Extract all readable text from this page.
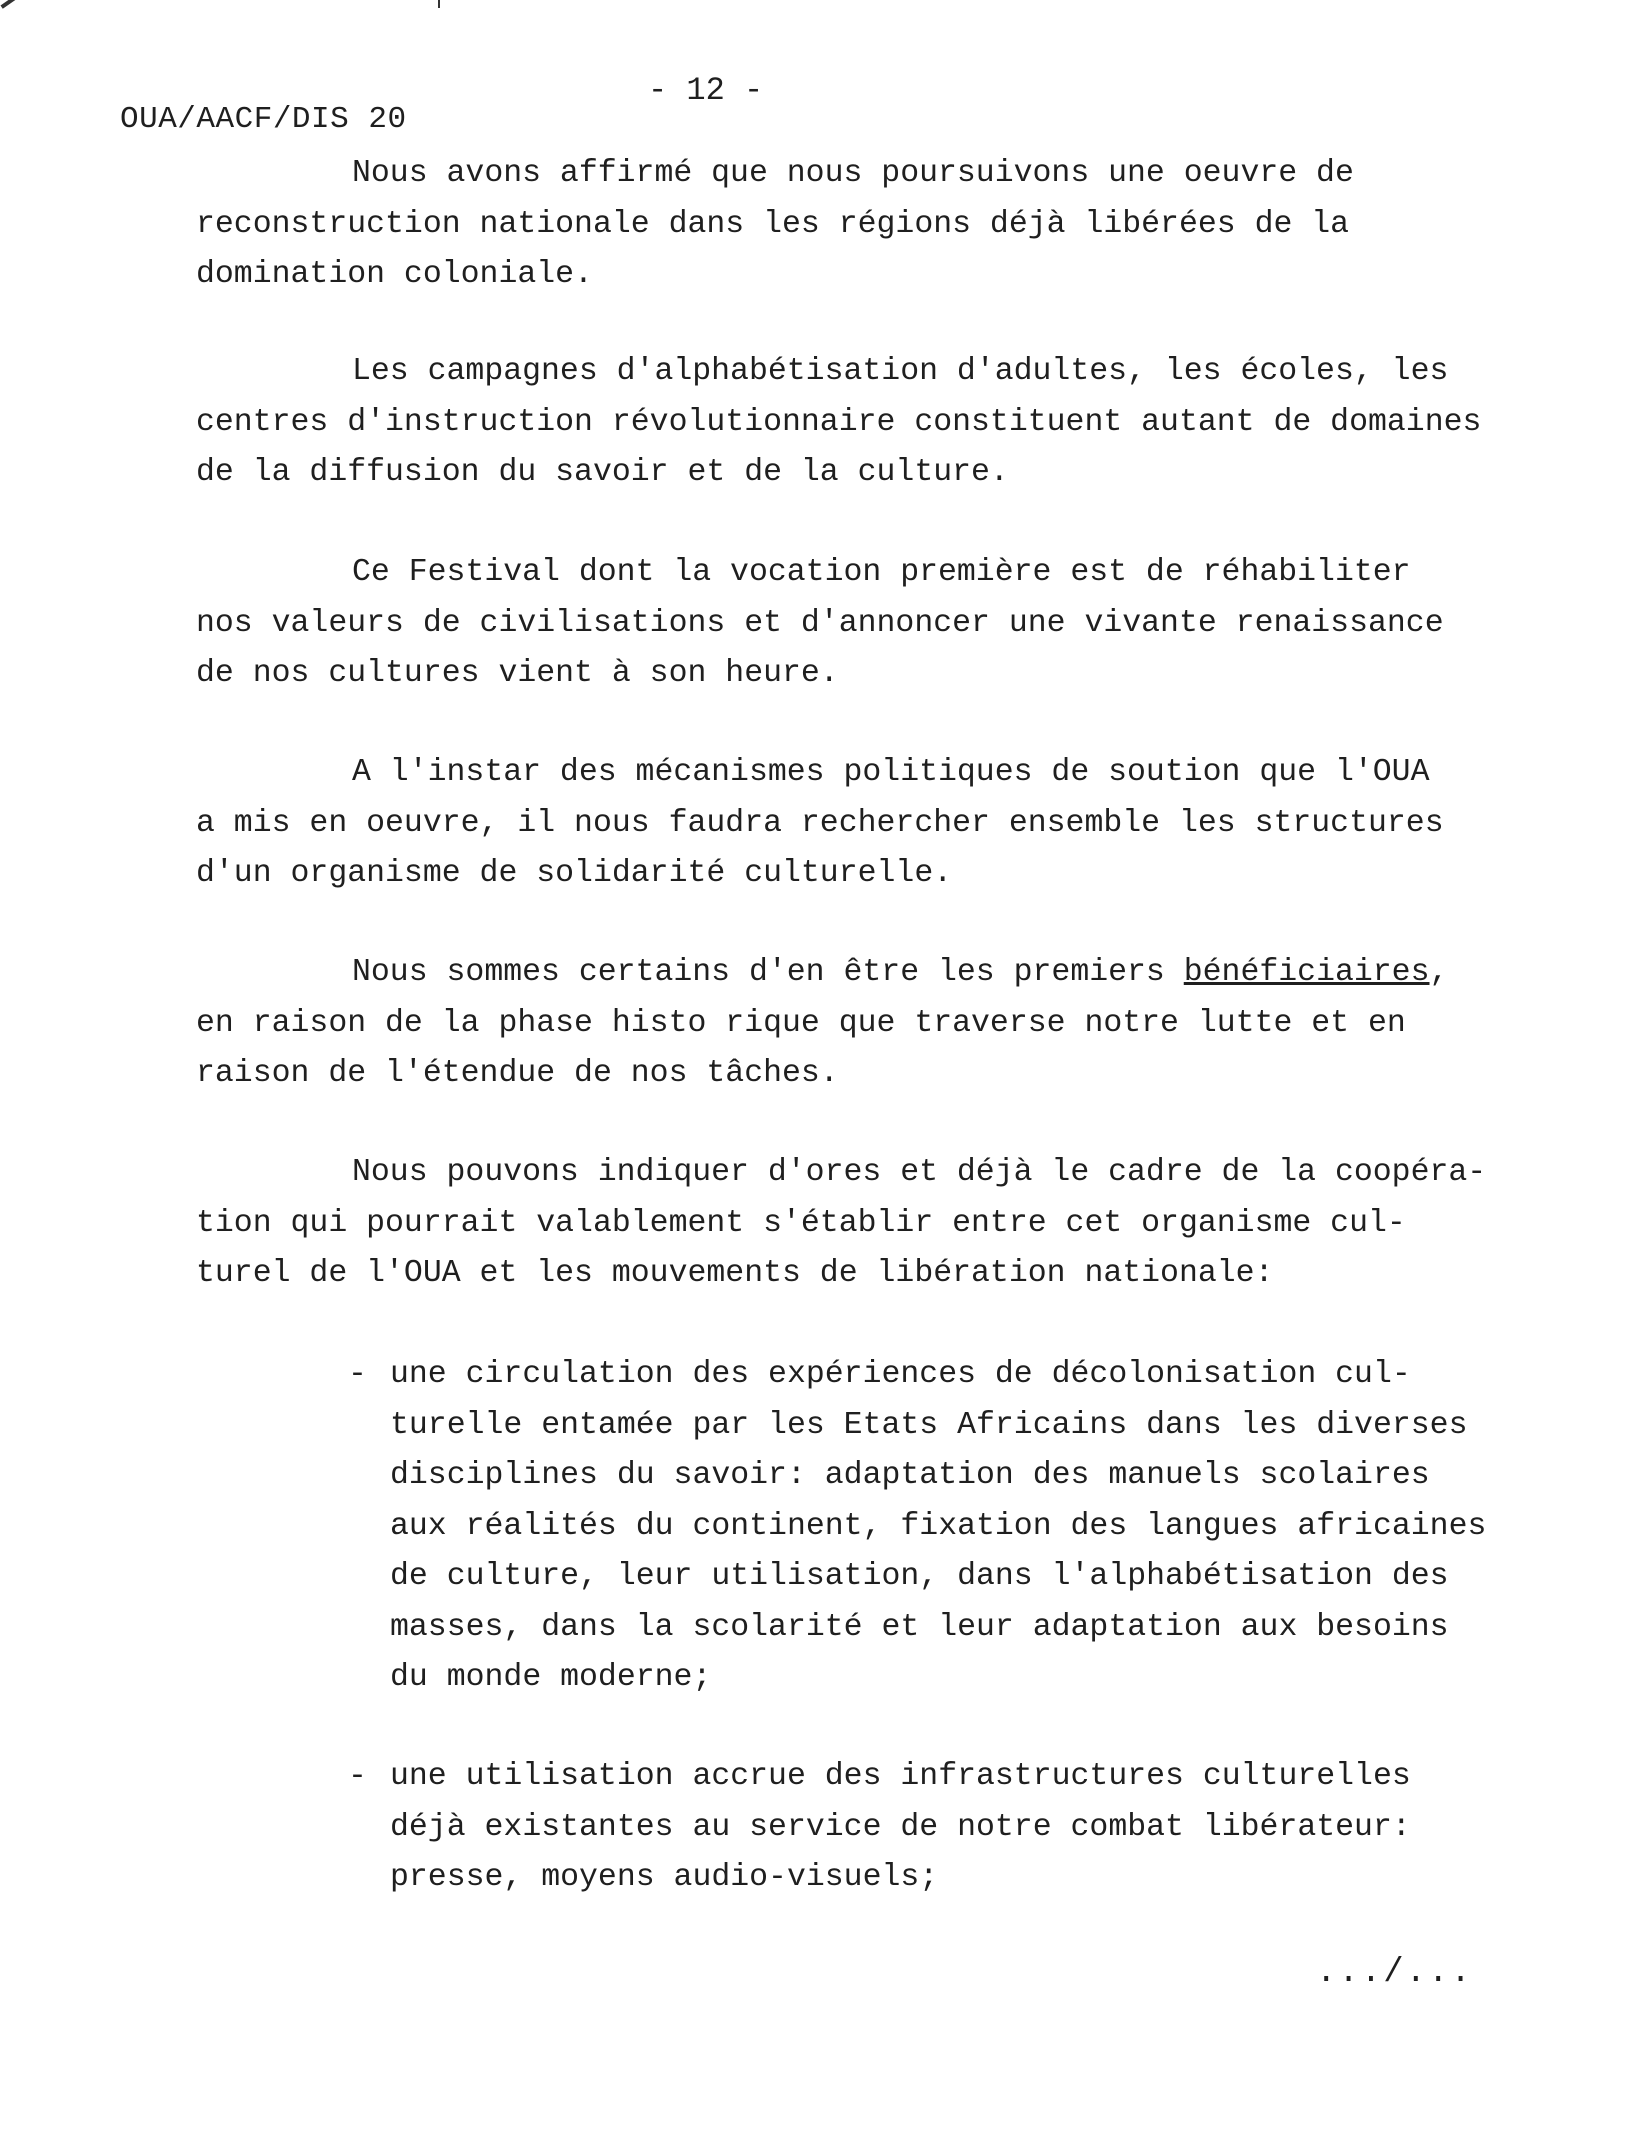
OUA/AACF/DIS 20
- 12 -
Nous avons affirmé que nous poursuivons une oeuvre de
reconstruction nationale dans les régions déjà libérées de la
domination coloniale.
Les campagnes d'alphabétisation d'adultes, les écoles, les
centres d'instruction révolutionnaire constituent autant de domaines
de la diffusion du savoir et de la culture.
Ce Festival dont la vocation première est de réhabiliter
nos valeurs de civilisations et d'annoncer une vivante renaissance
de nos cultures vient à son heure.
A l'instar des mécanismes politiques de soution que l'OUA
a mis en oeuvre, il nous faudra rechercher ensemble les structures
d'un organisme de solidarité culturelle.
Nous sommes certains d'en être les premiers bénéficiaires,
en raison de la phase histo rique que traverse notre lutte et en
raison de l'étendue de nos tâches.
Nous pouvons indiquer d'ores et déjà le cadre de la coopéra-
tion qui pourrait valablement s'établir entre cet organisme cul-
turel de l'OUA et les mouvements de libération nationale:
- une circulation des expériences de décolonisation cul-
turelle entamée par les Etats Africains dans les diverses
disciplines du savoir: adaptation des manuels scolaires
aux réalités du continent, fixation des langues africaines
de culture, leur utilisation, dans l'alphabétisation des
masses, dans la scolarité et leur adaptation aux besoins
du monde moderne;
- une utilisation accrue des infrastructures culturelles
déjà existantes au service de notre combat libérateur:
presse, moyens audio-visuels;
.../...
